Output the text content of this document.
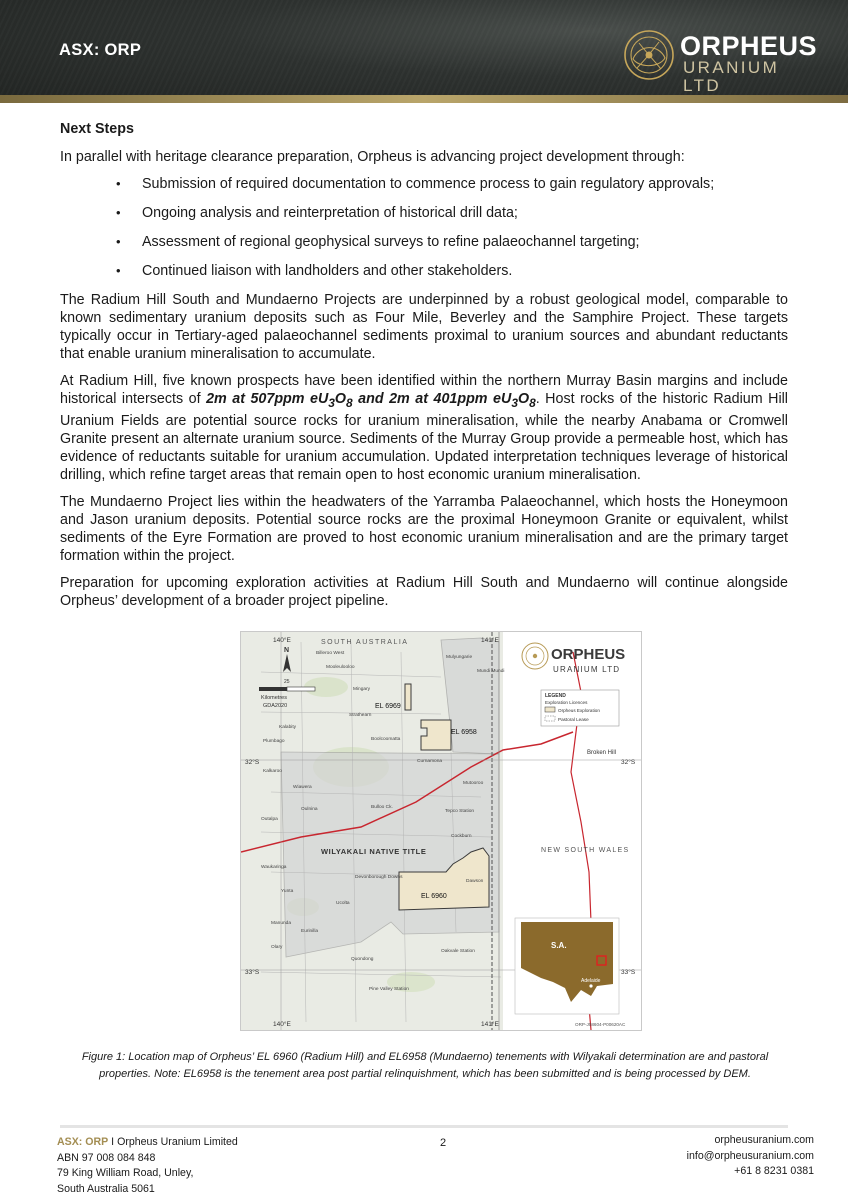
ASX: ORP	ORPHEUS
URANIUM LTD
Next Steps
In parallel with heritage clearance preparation, Orpheus is advancing project development through:
• Submission of required documentation to commence process to gain regulatory approvals;
• Ongoing analysis and reinterpretation of historical drill data;
• Assessment of regional geophysical surveys to refine palaeochannel targeting;
• Continued liaison with landholders and other stakeholders.
The Radium Hill South and Mundaerno Projects are underpinned by a robust geological model, comparable to known sedimentary uranium deposits such as Four Mile, Beverley and the Samphire Project. These targets typically occur in Tertiary-aged palaeochannel sediments proximal to uranium sources and abundant reductants that enable uranium mineralisation to accumulate.
At Radium Hill, five known prospects have been identified within the northern Murray Basin margins and include historical intersects of 2m at 507ppm $eU_3O_8$ and 2m at 401ppm $eU_3O_8$. Host rocks of the historic Radium Hill Uranium Fields are potential source rocks for uranium mineralisation, while the nearby Anabama or Cromwell Granite present an alternate uranium source. Sediments of the Murray Group provide a permeable host, which has evidence of reductants suitable for uranium accumulation. Updated interpretation techniques leverage of historical drilling, which refine target areas that remain open to host economic uranium mineralisation.
The Mundaerno Project lies within the headwaters of the Yarramba Palaeochannel, which hosts the Honeymoon and Jason uranium deposits. Potential source rocks are the proximal Honeymoon Granite or equivalent, whilst sediments of the Eyre Formation are proved to host economic uranium mineralisation and are the primary target formation within the project.
Preparation for upcoming exploration activities at Radium Hill South and Mundaerno will continue alongside Orpheus’ development of a broader project pipeline.
SOUTH AUSTRALIA
140°E	141°E
140°E	141°E
32°S	32°S
33°S	33°S
N
25
Kilometres
GDA2020	EL 6969
EL 6958
EL 6960
WILYAKALI NATIVE TITLE	NEW SOUTH WALES
Broken Hill
Billeroo West
Mooleulooloo
Mulyungarie
Mingary
Boolcoomatta
Kalabity
Wiawera
Oulnina	Bulloo Ck.
Tepco Station
Mutooroo
Devonborough Downs
Outalpa
Waukaringa
Yunta
Ucolta
Manunda
Olary
Cockburn
Quondong
Plumbago
Curnamona
Strathearn
Kalkaroo
Oakvale Station
Pine Valley Station
Mundi Mundi
Eurinilla
Dawson
ORPHEUS
URANIUM LTD
LEGEND
Exploration Licences
Orpheus Exploration
Pastoral Lease
S.A.
Adelaide
ORP-J08604-P00620AC
Figure 1: Location map of Orpheus’ EL 6960 (Radium Hill) and EL6958 (Mundaerno) tenements with Wilyakali determination are and pastoral properties. Note: EL6958 is the tenement area post partial relinquishment, which has been submitted and is being processed by DEM.
ASX: ORP I Orpheus Uranium Limited
ABN 97 008 084 848
79 King William Road, Unley,
South Australia 5061
2	orpheusuranium.com
info@orpheusuranium.com
+61 8 8231 0381
